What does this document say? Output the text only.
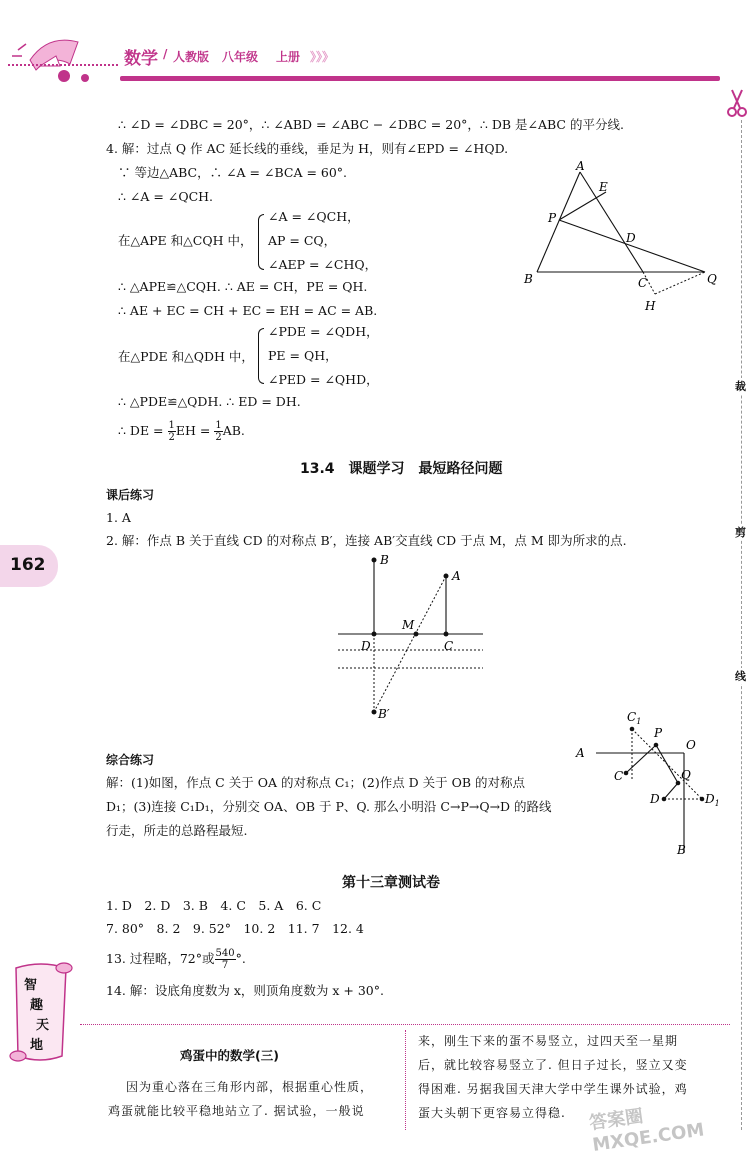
数学 / 人教版 八年级 上册 》》》
裁
剪
线
162
∴ ∠D = ∠DBC = 20°，∴ ∠ABD = ∠ABC − ∠DBC = 20°，∴ DB 是∠ABC 的平分线.
4. 解：过点 Q 作 AC 延长线的垂线，垂足为 H，则有∠EPD = ∠HQD.
∵ 等边△ABC，∴ ∠A = ∠BCA = 60°.
∴ ∠A = ∠QCH.
在△APE 和△CQH 中，
∠A = ∠QCH，
AP = CQ，
∠AEP = ∠CHQ，
∴ △APE≌△CQH. ∴ AE = CH，PE = QH.
∴ AE + EC = CH + EC = EH = AC = AB.
在△PDE 和△QDH 中，
∠PDE = ∠QDH，
PE = QH，
∠PED = ∠QHD，
∴ △PDE≌△QDH. ∴ ED = DH.
∴ DE = $\frac{1}{2}$ EH = $\frac{1}{2}$ AB.
A
E
P
D
B	C	Q
H
13.4　课题学习　最短路径问题
课后练习
1. A
2. 解：作点 B 关于直线 CD 的对称点 B′，连接 AB′交直线 CD 于点 M，点 M 即为所求的点.
B
A
M
D	C
B′	$C_1$
A
P
O
C	Q
D	$D_1$
B
综合练习
解：(1)如图，作点 C 关于 OA 的对称点 C₁；(2)作点 D 关于 OB 的对称点
D₁；(3)连接 C₁D₁，分别交 OA、OB 于 P、Q. 那么小明沿 C→P→Q→D 的路线
行走，所走的总路程最短.
第十三章测试卷
1. D　2. D　3. B　4. C　5. A　6. C
7. 80°　8. 2　9. 52°　10. 2　11. 7　12. 4
13. 过程略，72°或 $\frac{540}{7}$ °.
14. 解：设底角度数为 x，则顶角度数为 x + 30°.
智
趣
天
地
鸡蛋中的数学(三)
因为重心落在三角形内部，根据重心性质，
鸡蛋就能比较平稳地站立了. 据试验，一般说
来，刚生下来的蛋不易竖立，过四天至一星期
后，就比较容易竖立了. 但日子过长，竖立又变
得困难. 另据我国天津大学中学生课外试验，鸡
蛋大头朝下更容易立得稳. 答案圈 MXQE.COM
